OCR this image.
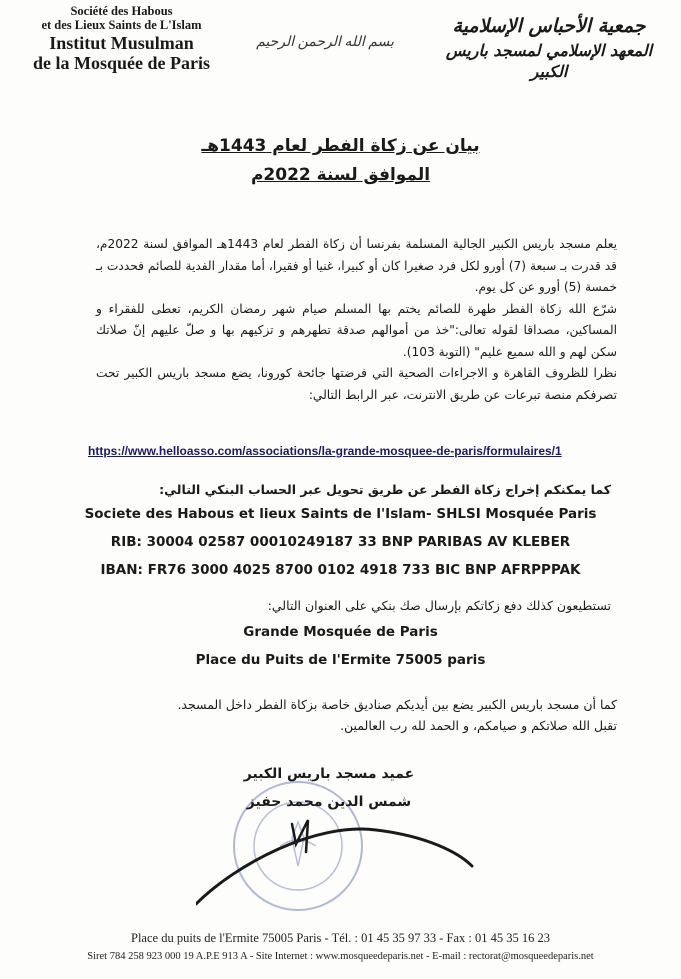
Société des Habous
et des Lieux Saints de L'Islam
Institut Musulman
de la Mosquée de Paris
بسم الله الرحمن الرحيم
جمعية الأحباس الإسلامية
المعهد الإسلامي لمسجد باريس الكبير
بيان عن زكاة الفطر لعام 1443هـ
الموافق لسنة 2022م

يعلم مسجد باريس الكبير الجالية المسلمة بفرنسا أن زكاة الفطر لعام 1443هـ الموافق لسنة 2022م، قد قدرت بـ سبعة (7) أورو لكل فرد صغيرا كان أو كبيرا، غنيا أو فقيرا، أما مقدار الفدية للصائم فحددت بـ خمسة (5) أورو عن كل يوم.

شرّع الله زكاة الفطر طهرة للصائم يختم بها المسلم صيام شهر رمضان الكريم، تعطى للفقراء و المساكين، مصداقا لقوله تعالى:"خذ من أموالهم صدقة تطهرهم و تزكيهم بها و صلّ عليهم إنّ صلاتك سكن لهم و الله سميع عليم" (التوبة 103).

نظرا للظروف القاهرة و الاجراءات الصحية التي فرضتها جائحة كورونا، يضع مسجد باريس الكبير تحت تصرفكم منصة تبرعات عن طريق الانترنت، عبر الرابط التالي:

https://www.helloasso.com/associations/la-grande-mosquee-de-paris/formulaires/1
كما يمكنكم إخراج زكاة الفطر عن طريق تحويل عبر الحساب البنكي التالي:
Societe des Habous et lieux Saints de l'Islam- SHLSI Mosquée Paris
RIB: 30004 02587 00010249187 33 BNP PARIBAS AV KLEBER
IBAN: FR76 3000 4025 8700 0102 4918 733 BIC BNP AFRPPPAK
تستطيعون كذلك دفع زكاتكم بإرسال صك بنكي على العنوان التالي:
Grande Mosquée de Paris
Place du Puits de l'Ermite 75005 paris

كما أن مسجد باريس الكبير يضع بين أيديكم صناديق خاصة بزكاة الفطر داخل المسجد.

تقبل الله صلاتكم و صيامكم، و الحمد لله رب العالمين.

عميد مسجد باريس الكبير
شمس الدين محمد حفيز
Place du puits de l'Ermite 75005 Paris - Tél. : 01 45 35 97 33 - Fax : 01 45 35 16 23
Siret 784 258 923 000 19 A.P.E 913 A - Site Internet : www.mosqueedeparis.net - E-mail : rectorat@mosqueedeparis.net
